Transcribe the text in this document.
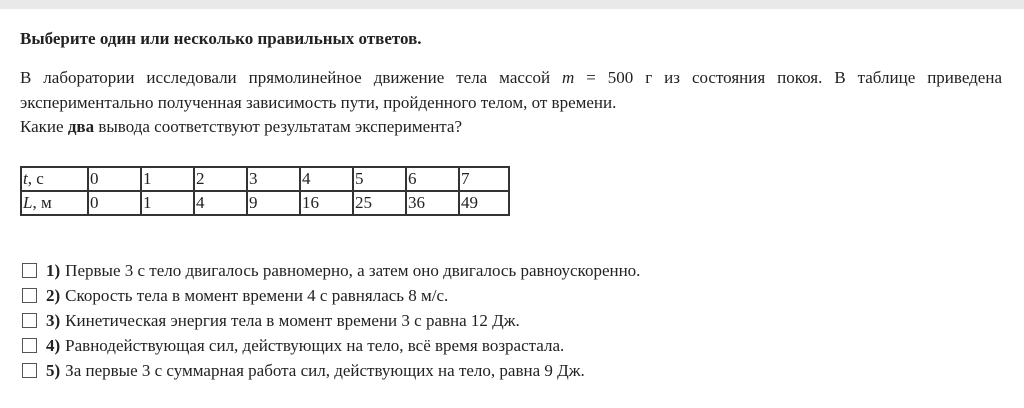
Выберите один или несколько правильных ответов.

В лаборатории исследовали прямолинейное движение тела массой m = 500 г из состояния покоя. В таблице приведена экспериментально полученная зависимость пути, пройденного телом, от времени.

Какие два вывода соответствуют результатам эксперимента?

t, с	0	1	2	3	4	5	6	7
L, м	0	1	4	9	16	25	36	49
1) Первые 3 с тело двигалось равномерно, а затем оно двигалось равноускоренно.
2) Скорость тела в момент времени 4 с равнялась 8 м/с.
3) Кинетическая энергия тела в момент времени 3 с равна 12 Дж.
4) Равнодействующая сил, действующих на тело, всё время возрастала.
5) За первые 3 с суммарная работа сил, действующих на тело, равна 9 Дж.
